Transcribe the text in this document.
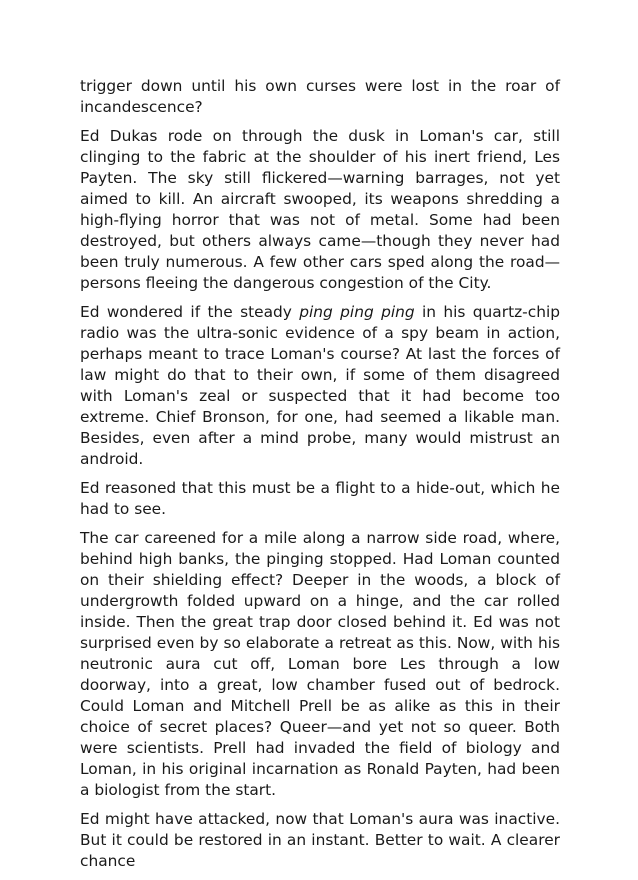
trigger down until his own curses were lost in the roar of incandescence?

Ed Dukas rode on through the dusk in Loman's car, still clinging to the fabric at the shoulder of his inert friend, Les Payten. The sky still flickered—warning barrages, not yet aimed to kill. An aircraft swooped, its weapons shredding a high-flying horror that was not of metal. Some had been destroyed, but others always came—though they never had been truly numerous. A few other cars sped along the road—persons fleeing the dangerous congestion of the City.

Ed wondered if the steady ping ping ping in his quartz-chip radio was the ultra-sonic evidence of a spy beam in action, perhaps meant to trace Loman's course? At last the forces of law might do that to their own, if some of them disagreed with Loman's zeal or suspected that it had become too extreme. Chief Bronson, for one, had seemed a likable man. Besides, even after a mind probe, many would mistrust an android.

Ed reasoned that this must be a flight to a hide-out, which he had to see.

The car careened for a mile along a narrow side road, where, behind high banks, the pinging stopped. Had Loman counted on their shielding effect? Deeper in the woods, a block of undergrowth folded upward on a hinge, and the car rolled inside. Then the great trap door closed behind it. Ed was not surprised even by so elaborate a retreat as this. Now, with his neutronic aura cut off, Loman bore Les through a low doorway, into a great, low chamber fused out of bedrock. Could Loman and Mitchell Prell be as alike as this in their choice of secret places? Queer—and yet not so queer. Both were scientists. Prell had invaded the field of biology and Loman, in his original incarnation as Ronald Payten, had been a biologist from the start.

Ed might have attacked, now that Loman's aura was inactive. But it could be restored in an instant. Better to wait. A clearer chance
